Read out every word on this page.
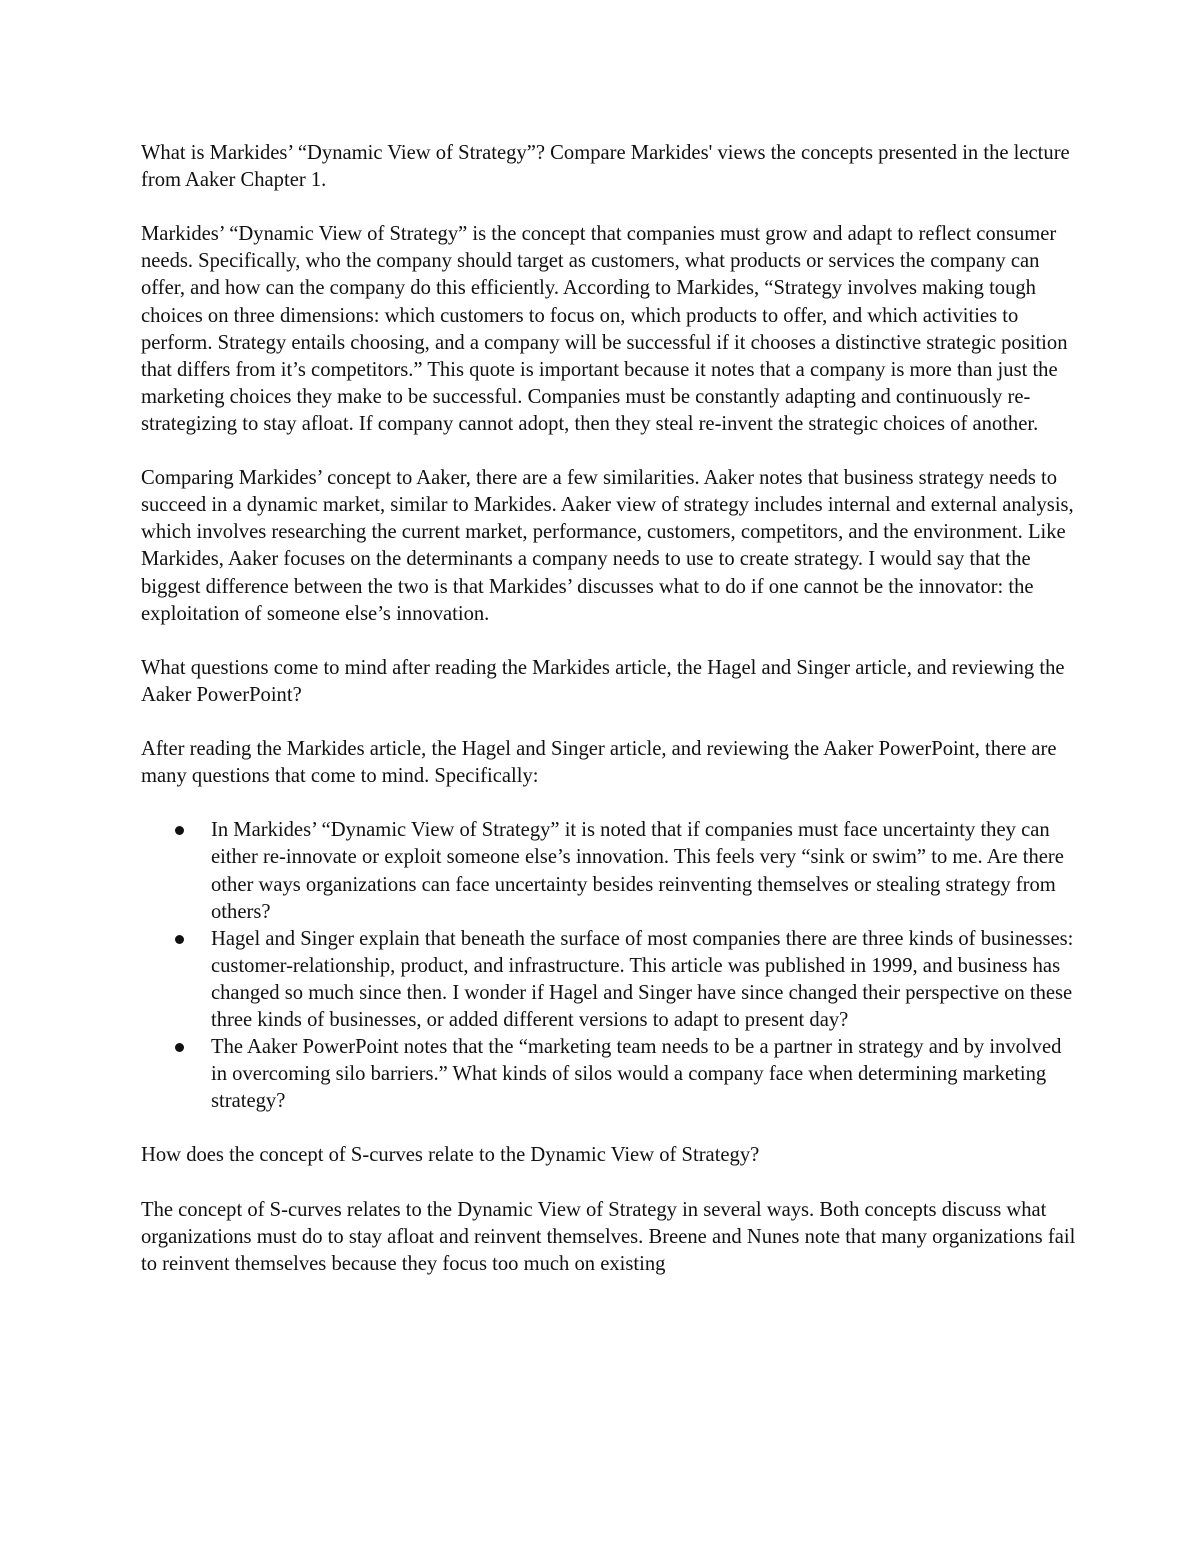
What is Markides’ “Dynamic View of Strategy”? Compare Markides' views the concepts presented in the lecture from Aaker Chapter 1.

Markides’ “Dynamic View of Strategy” is the concept that companies must grow and adapt to reflect consumer needs. Specifically, who the company should target as customers, what products or services the company can offer, and how can the company do this efficiently. According to Markides, “Strategy involves making tough choices on three dimensions: which customers to focus on, which products to offer, and which activities to perform. Strategy entails choosing, and a company will be successful if it chooses a distinctive strategic position that differs from it’s competitors.” This quote is important because it notes that a company is more than just the marketing choices they make to be successful. Companies must be constantly adapting and continuously re-strategizing to stay afloat. If company cannot adopt, then they steal re-invent the strategic choices of another.

Comparing Markides’ concept to Aaker, there are a few similarities. Aaker notes that business strategy needs to succeed in a dynamic market, similar to Markides. Aaker view of strategy includes internal and external analysis, which involves researching the current market, performance, customers, competitors, and the environment. Like Markides, Aaker focuses on the determinants a company needs to use to create strategy. I would say that the biggest difference between the two is that Markides’ discusses what to do if one cannot be the innovator: the exploitation of someone else’s innovation.

What questions come to mind after reading the Markides article, the Hagel and Singer article, and reviewing the Aaker PowerPoint?

After reading the Markides article, the Hagel and Singer article, and reviewing the Aaker PowerPoint, there are many questions that come to mind. Specifically:

In Markides’ “Dynamic View of Strategy” it is noted that if companies must face uncertainty they can either re-innovate or exploit someone else’s innovation. This feels very “sink or swim” to me. Are there other ways organizations can face uncertainty besides reinventing themselves or stealing strategy from others?
Hagel and Singer explain that beneath the surface of most companies there are three kinds of businesses: customer-relationship, product, and infrastructure. This article was published in 1999, and business has changed so much since then. I wonder if Hagel and Singer have since changed their perspective on these three kinds of businesses, or added different versions to adapt to present day?
The Aaker PowerPoint notes that the “marketing team needs to be a partner in strategy and by involved in overcoming silo barriers.” What kinds of silos would a company face when determining marketing strategy?

How does the concept of S-curves relate to the Dynamic View of Strategy?

The concept of S-curves relates to the Dynamic View of Strategy in several ways. Both concepts discuss what organizations must do to stay afloat and reinvent themselves. Breene and Nunes note that many organizations fail to reinvent themselves because they focus too much on existing
